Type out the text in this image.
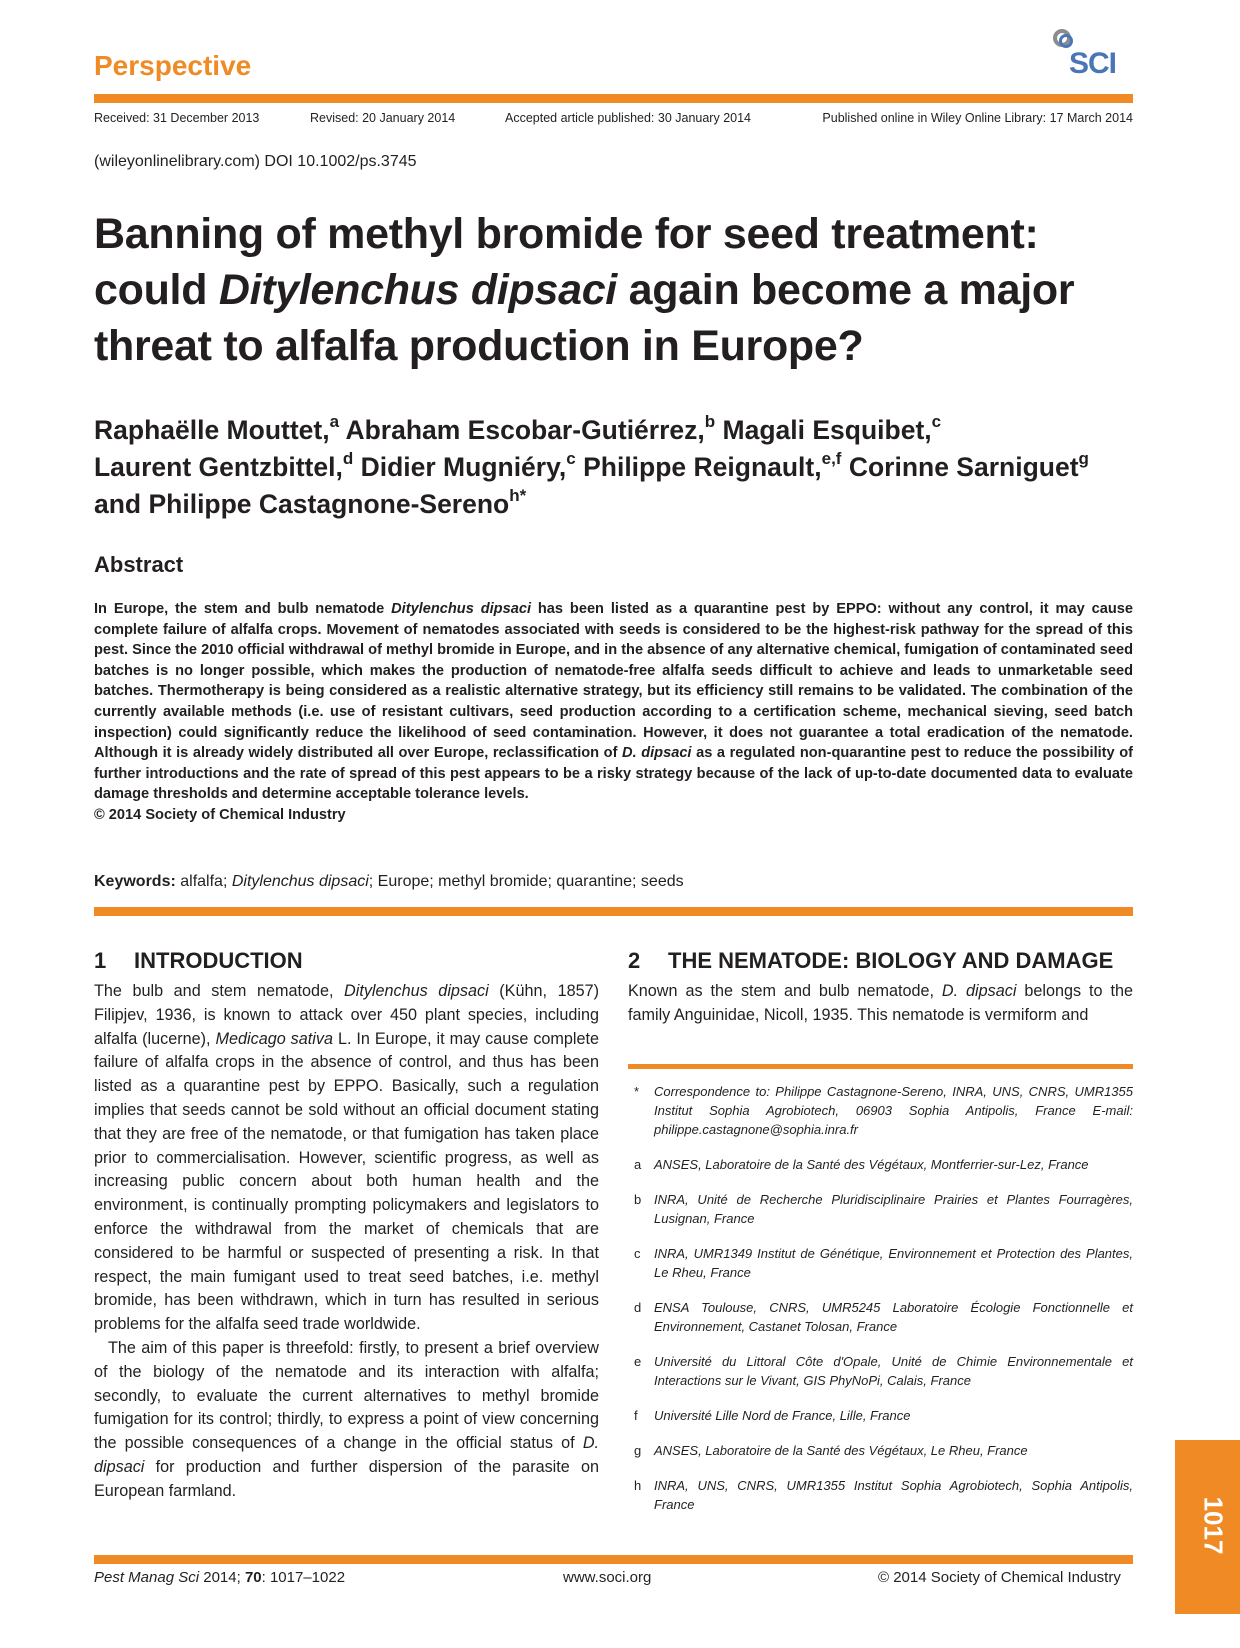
Perspective	SCI
Received: 31 December 2013	Revised: 20 January 2014	Accepted article published: 30 January 2014	Published online in Wiley Online Library: 17 March 2014
(wileyonlinelibrary.com) DOI 10.1002/ps.3745
Banning of methyl bromide for seed treatment:
could Ditylenchus dipsaci again become a major
threat to alfalfa production in Europe?
Raphaëlle Mouttet,$^a$ Abraham Escobar-Gutiérrez,$^b$ Magali Esquibet,$^c$
Laurent Gentzbittel,$^d$ Didier Mugniéry,$^c$ Philippe Reignault,$^{e,f}$ Corinne Sarniguet$^g$ and Philippe Castagnone-Sereno$^{h*}$
Abstract
In Europe, the stem and bulb nematode Ditylenchus dipsaci has been listed as a quarantine pest by EPPO: without any control, it may cause complete failure of alfalfa crops. Movement of nematodes associated with seeds is considered to be the highest-risk pathway for the spread of this pest. Since the 2010 official withdrawal of methyl bromide in Europe, and in the absence of any alternative chemical, fumigation of contaminated seed batches is no longer possible, which makes the production of nematode-free alfalfa seeds difficult to achieve and leads to unmarketable seed batches. Thermotherapy is being considered as a realistic alternative strategy, but its efficiency still remains to be validated. The combination of the currently available methods (i.e. use of resistant cultivars, seed production according to a certification scheme, mechanical sieving, seed batch inspection) could significantly reduce the likelihood of seed contamination. However, it does not guarantee a total eradication of the nematode. Although it is already widely distributed all over Europe, reclassification of D. dipsaci as a regulated non-quarantine pest to reduce the possibility of further introductions and the rate of spread of this pest appears to be a risky strategy because of the lack of up-to-date documented data to evaluate damage thresholds and determine acceptable tolerance levels.
© 2014 Society of Chemical Industry
Keywords: alfalfa; Ditylenchus dipsaci; Europe; methyl bromide; quarantine; seeds
1 INTRODUCTION	2 THE NEMATODE: BIOLOGY AND DAMAGE

The bulb and stem nematode, Ditylenchus dipsaci (Kühn, 1857) Filipjev, 1936, is known to attack over 450 plant species, including alfalfa (lucerne), Medicago sativa L. In Europe, it may cause complete failure of alfalfa crops in the absence of control, and thus has been listed as a quarantine pest by EPPO. Basically, such a regulation implies that seeds cannot be sold without an official document stating that they are free of the nematode, or that fumigation has taken place prior to commercialisation. However, scientific progress, as well as increasing public concern about both human health and the environment, is continually prompting policymakers and legislators to enforce the withdrawal from the market of chemicals that are considered to be harmful or suspected of presenting a risk. In that respect, the main fumigant used to treat seed batches, i.e. methyl bromide, has been withdrawn, which in turn has resulted in serious problems for the alfalfa seed trade worldwide.

The aim of this paper is threefold: firstly, to present a brief overview of the biology of the nematode and its interaction with alfalfa; secondly, to evaluate the current alternatives to methyl bromide fumigation for its control; thirdly, to express a point of view concerning the possible consequences of a change in the official status of D. dipsaci for production and further dispersion of the parasite on European farmland.

Known as the stem and bulb nematode, D. dipsaci belongs to the family Anguinidae, Nicoll, 1935. This nematode is vermiform and

* Correspondence to: Philippe Castagnone-Sereno, INRA, UNS, CNRS, UMR1355 Institut Sophia Agrobiotech, 06903 Sophia Antipolis, France E-mail: philippe.castagnone@sophia.inra.fr
a ANSES, Laboratoire de la Santé des Végétaux, Montferrier-sur-Lez, France
b INRA, Unité de Recherche Pluridisciplinaire Prairies et Plantes Fourragères, Lusignan, France
c INRA, UMR1349 Institut de Génétique, Environnement et Protection des Plantes, Le Rheu, France
d ENSA Toulouse, CNRS, UMR5245 Laboratoire Écologie Fonctionnelle et Environnement, Castanet Tolosan, France
e Université du Littoral Côte d'Opale, Unité de Chimie Environnementale et Interactions sur le Vivant, GIS PhyNoPi, Calais, France
f Université Lille Nord de France, Lille, France
g ANSES, Laboratoire de la Santé des Végétaux, Le Rheu, France
h INRA, UNS, CNRS, UMR1355 Institut Sophia Agrobiotech, Sophia Antipolis, France
Pest Manag Sci 2014; 70: 1017–1022	www.soci.org	© 2014 Society of Chemical Industry
1017
